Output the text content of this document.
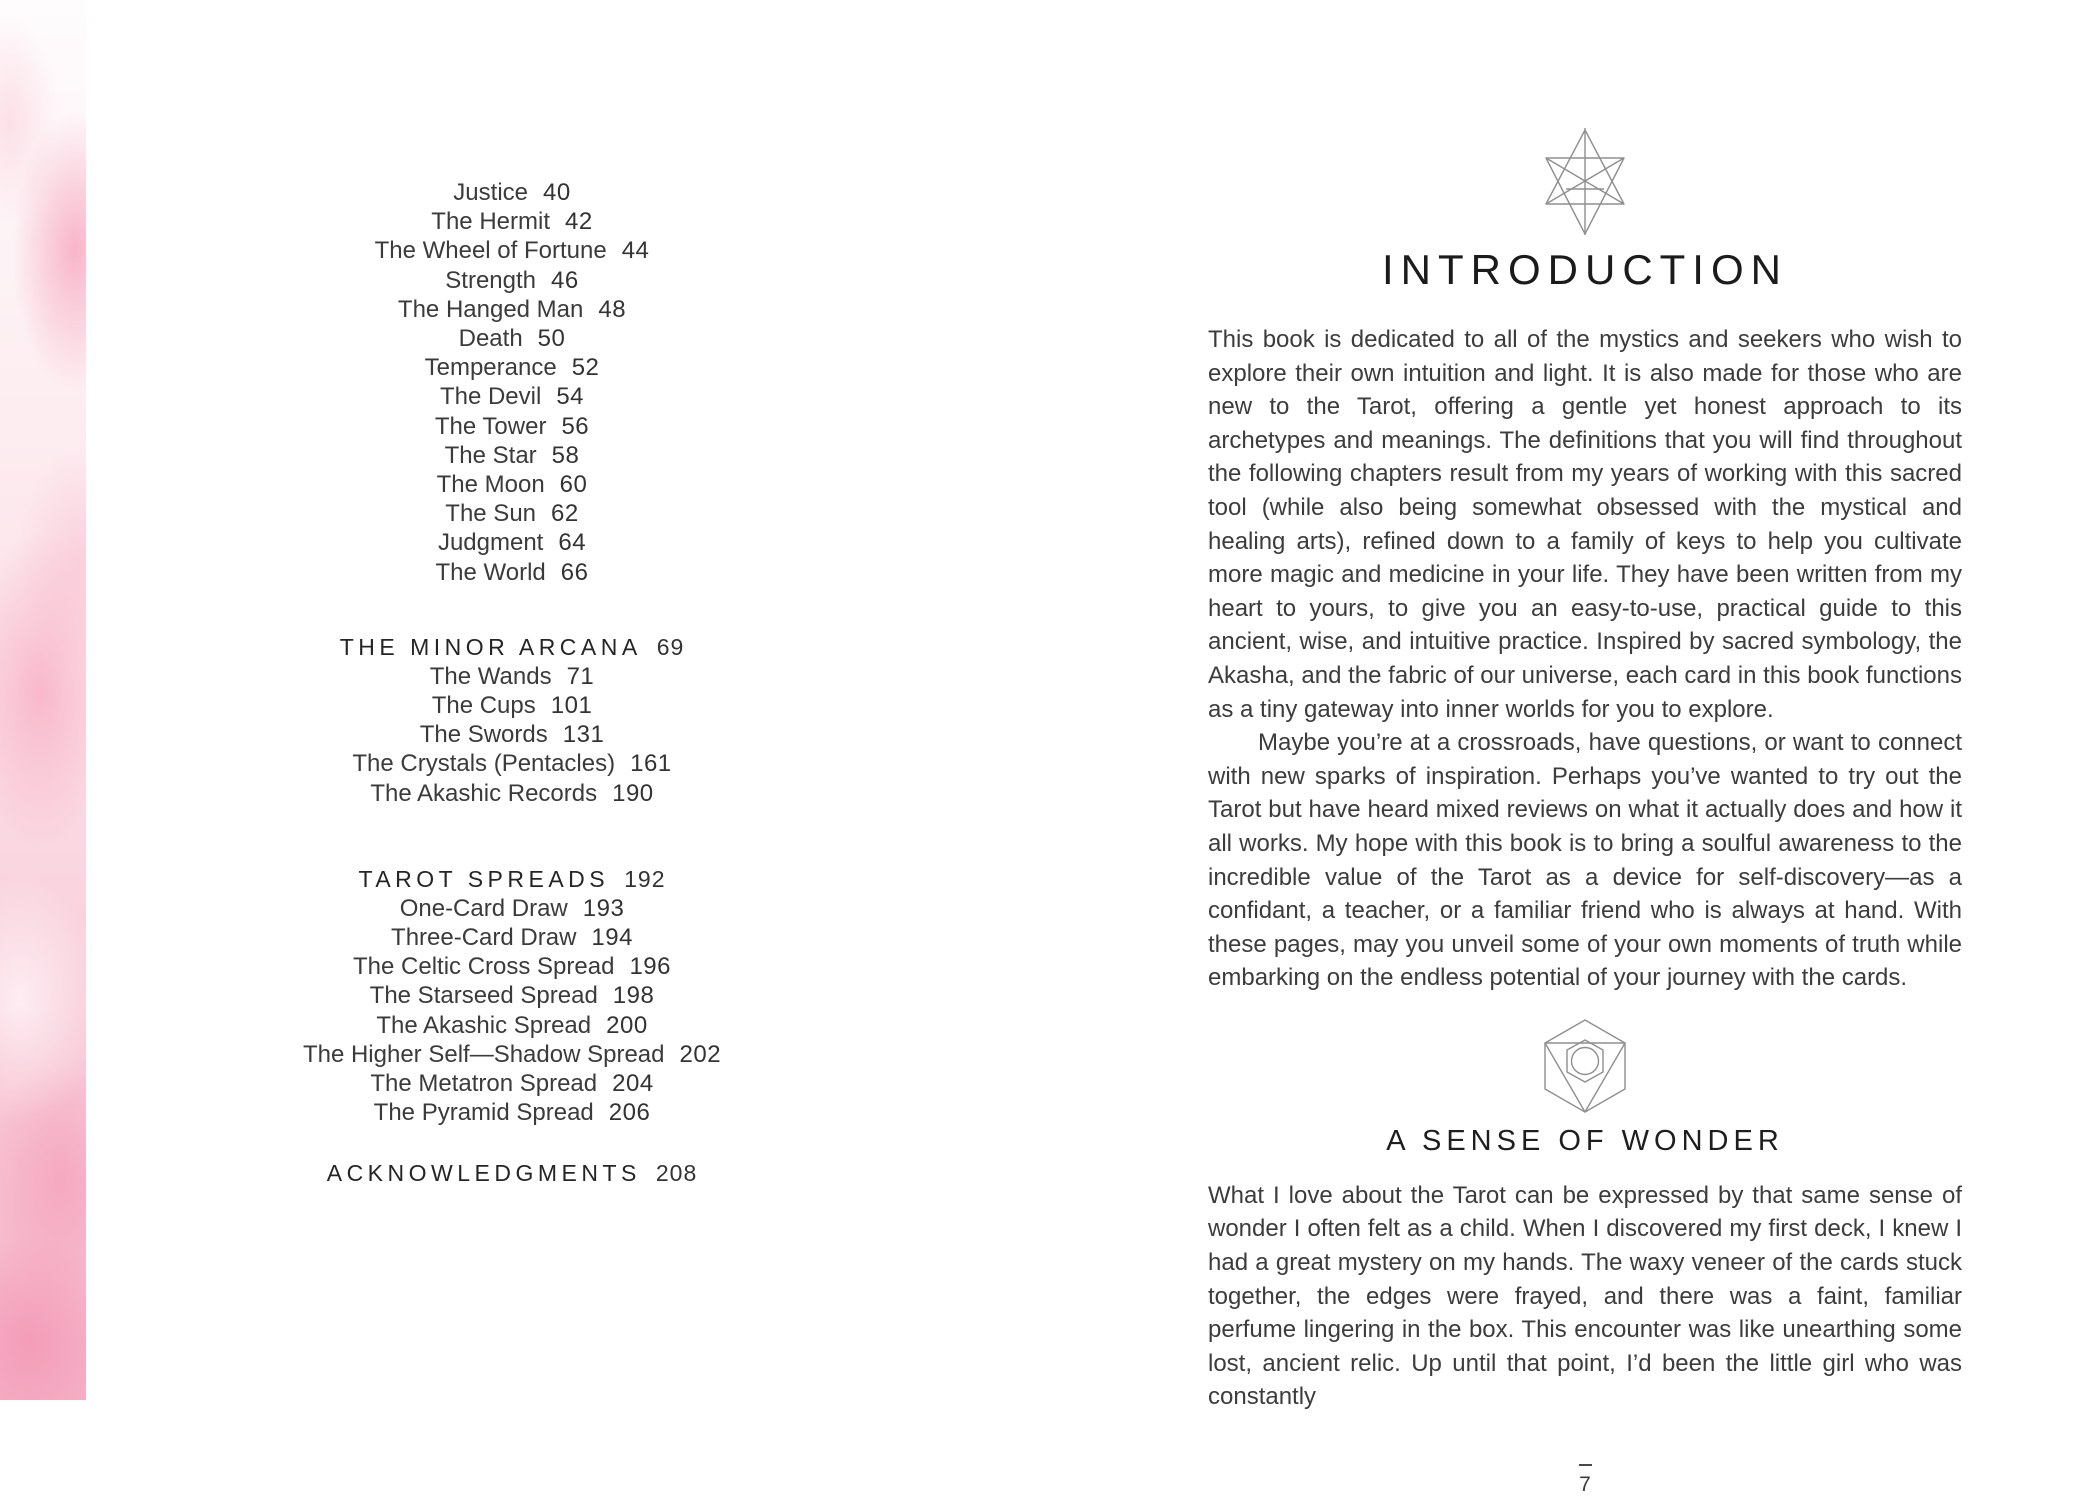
Justice 40
The Hermit 42
The Wheel of Fortune 44
Strength 46
The Hanged Man 48
Death 50
Temperance 52
The Devil 54
The Tower 56
The Star 58
The Moon 60
The Sun 62
Judgment 64
The World 66
THE MINOR ARCANA 69
The Wands 71
The Cups 101
The Swords 131
The Crystals (Pentacles) 161
The Akashic Records 190
TAROT SPREADS 192
One-Card Draw 193
Three-Card Draw 194
The Celtic Cross Spread 196
The Starseed Spread 198
The Akashic Spread 200
The Higher Self—Shadow Spread 202
The Metatron Spread 204
The Pyramid Spread 206
ACKNOWLEDGMENTS 208
INTRODUCTION

This book is dedicated to all of the mystics and seekers who wish to explore their own intuition and light. It is also made for those who are new to the Tarot, offering a gentle yet honest approach to its archetypes and meanings. The definitions that you will find throughout the following chapters result from my years of working with this sacred tool (while also being somewhat obsessed with the mystical and healing arts), refined down to a family of keys to help you cultivate more magic and medicine in your life. They have been written from my heart to yours, to give you an easy-to-use, practical guide to this ancient, wise, and intuitive practice. Inspired by sacred symbology, the Akasha, and the fabric of our universe, each card in this book functions as a tiny gateway into inner worlds for you to explore.

Maybe you’re at a crossroads, have questions, or want to connect with new sparks of inspiration. Perhaps you’ve wanted to try out the Tarot but have heard mixed reviews on what it actually does and how it all works. My hope with this book is to bring a soulful awareness to the incredible value of the Tarot as a device for self-discovery—as a confidant, a teacher, or a familiar friend who is always at hand. With these pages, may you unveil some of your own moments of truth while embarking on the endless potential of your journey with the cards.

A SENSE OF WONDER

What I love about the Tarot can be expressed by that same sense of wonder I often felt as a child. When I discovered my first deck, I knew I had a great mystery on my hands. The waxy veneer of the cards stuck together, the edges were frayed, and there was a faint, familiar perfume lingering in the box. This encounter was like unearthing some lost, ancient relic. Up until that point, I’d been the little girl who was constantly

7
